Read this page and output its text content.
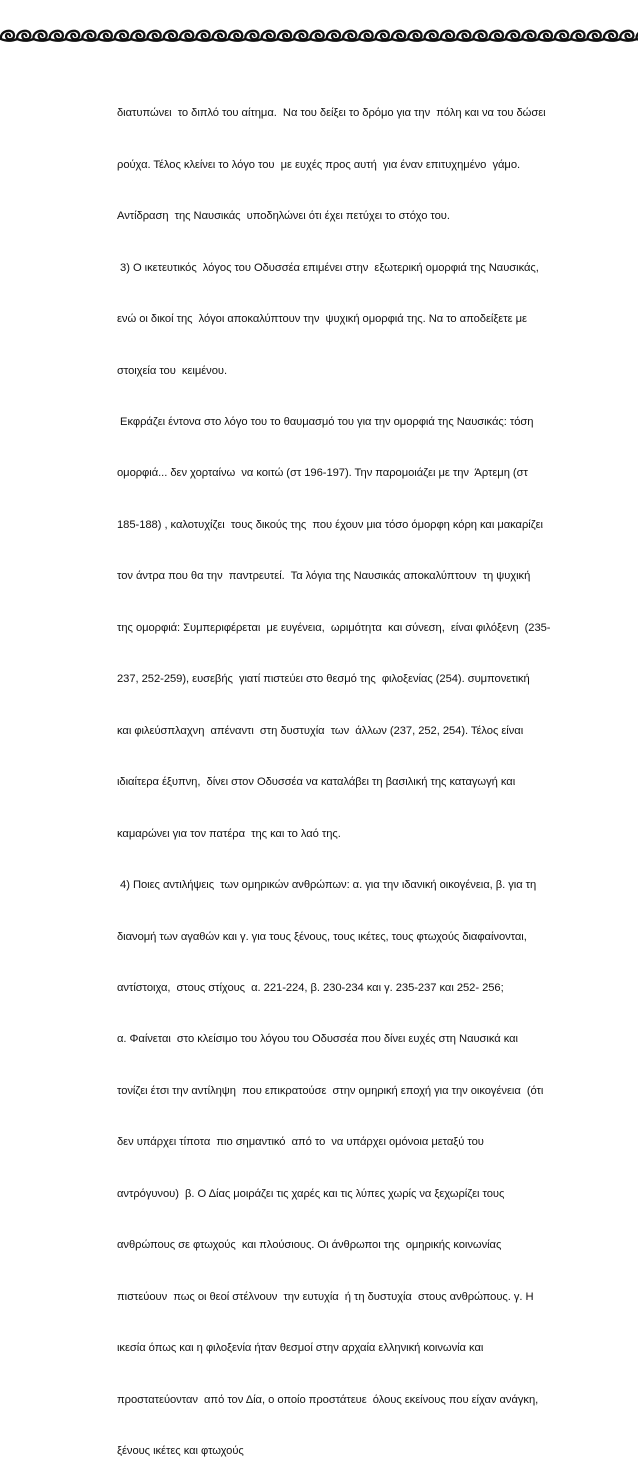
διατυπώνει  το διπλό του αίτημα.  Να του δείξει το δρόμο για την  πόλη και να του δώσει

ρούχα. Τέλος κλείνει το λόγο του  με ευχές προς αυτή  για έναν επιτυχημένο  γάμο.

Αντίδραση  της Ναυσικάς  υποδηλώνει ότι έχει πετύχει το στόχο του.

3) Ο ικετευτικός  λόγος του Οδυσσέα επιμένει στην  εξωτερική ομορφιά της Ναυσικάς,

ενώ οι δικοί της  λόγοι αποκαλύπτουν την  ψυχική ομορφιά της. Να το αποδείξετε με

στοιχεία του  κειμένου.

Εκφράζει έντονα στο λόγο του το θαυμασμό του για την ομορφιά της Ναυσικάς: τόση

ομορφιά... δεν χορταίνω  να κοιτώ (στ 196-197). Την παρομοιάζει με την  Άρτεμη (στ

185-188) , καλοτυχίζει  τους δικούς της  που έχουν μια τόσο όμορφη κόρη και μακαρίζει

τον άντρα που θα την  παντρευτεί.  Τα λόγια της Ναυσικάς αποκαλύπτουν  τη ψυχική

της ομορφιά: Συμπεριφέρεται  με ευγένεια,  ωριμότητα  και σύνεση,  είναι φιλόξενη  (235-

237, 252-259), ευσεβής  γιατί πιστεύει στο θεσμό της  φιλοξενίας (254). συμπονετική

και φιλεύσπλαχνη  απέναντι  στη δυστυχία  των  άλλων (237, 252, 254). Τέλος είναι

ιδιαίτερα έξυπνη,  δίνει στον Οδυσσέα να καταλάβει τη βασιλική της καταγωγή και

καμαρώνει για τον πατέρα  της και το λαό της.

4) Ποιες αντιλήψεις  των ομηρικών ανθρώπων: α. για την ιδανική οικογένεια, β. για τη

διανομή των αγαθών και γ. για τους ξένους, τους ικέτες, τους φτωχούς διαφαίνονται,

αντίστοιχα,  στους στίχους  α. 221-224, β. 230-234 και γ. 235-237 και 252- 256;

α. Φαίνεται  στο κλείσιμο του λόγου του Οδυσσέα που δίνει ευχές στη Ναυσικά και

τονίζει έτσι την αντίληψη  που επικρατούσε  στην ομηρική εποχή για την οικογένεια  (ότι

δεν υπάρχει τίποτα  πιο σημαντικό  από το  να υπάρχει ομόνοια μεταξύ του

αντρόγυνου)  β. Ο Δίας μοιράζει τις χαρές και τις λύπες χωρίς να ξεχωρίζει τους

ανθρώπους σε φτωχούς  και πλούσιους. Οι άνθρωποι της  ομηρικής κοινωνίας

πιστεύουν  πως οι θεοί στέλνουν  την ευτυχία  ή τη δυστυχία  στους ανθρώπους. γ. Η

ικεσία όπως και η φιλοξενία ήταν θεσμοί στην αρχαία ελληνική κοινωνία και

προστατεύονταν  από τον Δία, ο οποίο προστάτευε  όλους εκείνους που είχαν ανάγκη,

ξένους ικέτες και φτωχούς
